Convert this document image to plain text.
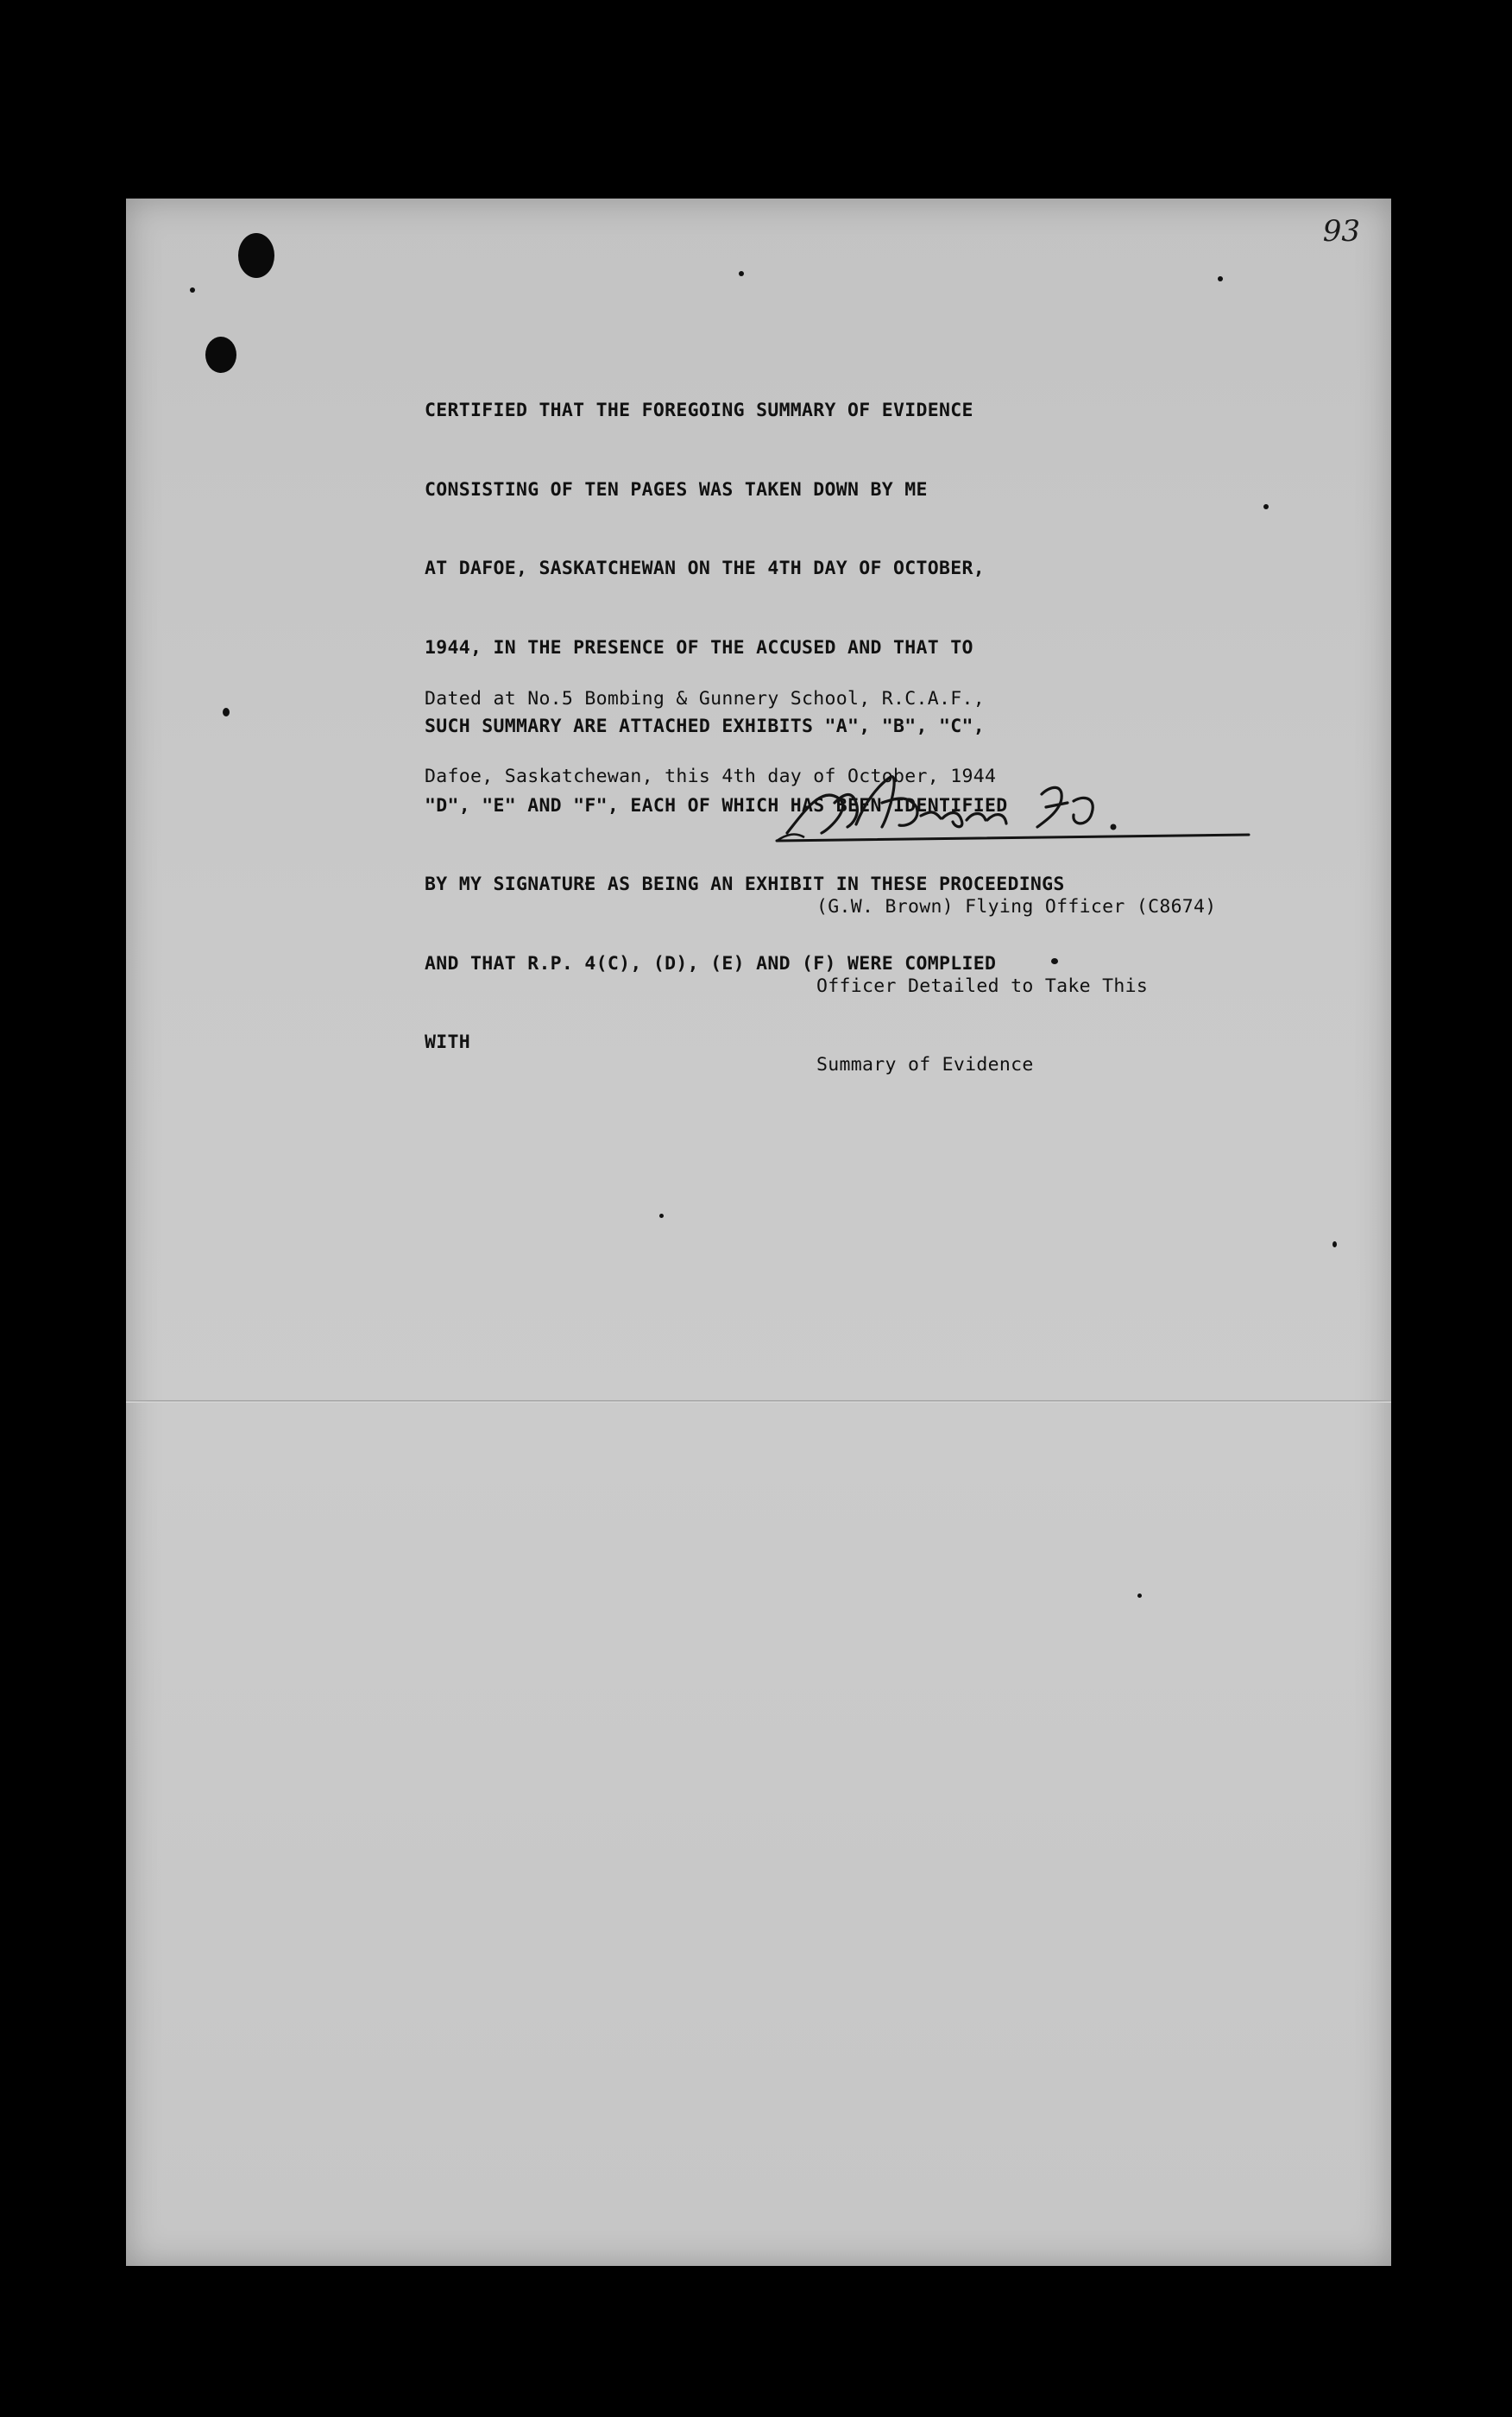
93

CERTIFIED THAT THE FOREGOING SUMMARY OF EVIDENCE

CONSISTING OF TEN PAGES WAS TAKEN DOWN BY ME

AT DAFOE, SASKATCHEWAN ON THE 4TH DAY OF OCTOBER,

1944, IN THE PRESENCE OF THE ACCUSED AND THAT TO

SUCH SUMMARY ARE ATTACHED EXHIBITS "A", "B", "C",

"D", "E" AND "F", EACH OF WHICH HAS BEEN IDENTIFIED

BY MY SIGNATURE AS BEING AN EXHIBIT IN THESE PROCEEDINGS

AND THAT R.P. 4(C), (D), (E) AND (F) WERE COMPLIED

WITH

Dated at No.5 Bombing & Gunnery School, R.C.A.F.,

Dafoe, Saskatchewan, this 4th day of October, 1944

(G.W. Brown) Flying Officer (C8674)

Officer Detailed to Take This

Summary of Evidence
